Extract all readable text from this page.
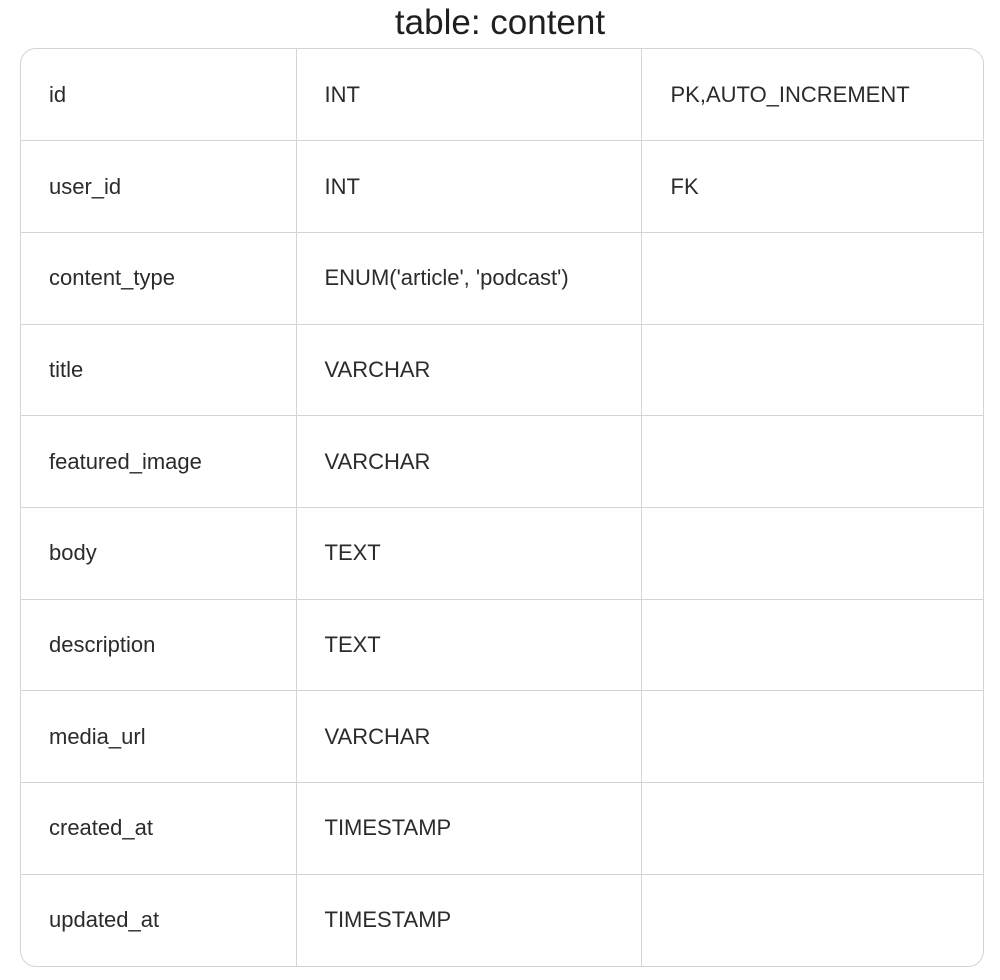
table: content
id	INT	PK,AUTO_INCREMENT
user_id	INT	FK
content_type	ENUM('article', 'podcast')	
title	VARCHAR	
featured_image	VARCHAR	
body	TEXT	
description	TEXT	
media_url	VARCHAR	
created_at	TIMESTAMP	
updated_at	TIMESTAMP	
